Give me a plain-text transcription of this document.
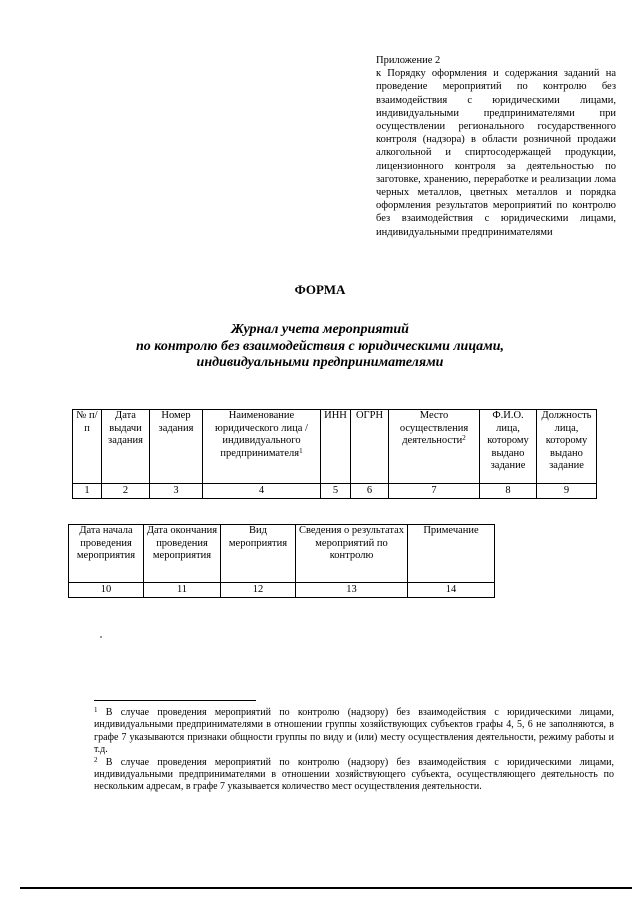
Приложение 2
к Порядку оформления и содержания заданий на проведение мероприятий по контролю без взаимодействия с юридическими лицами, индивидуальными предпринимателями при осуществлении регионального государственного контроля (надзора) в области розничной продажи алкогольной и спиртосодержащей продукции, лицензионного контроля за деятельностью по заготовке, хранению, переработке и реализации лома черных металлов, цветных металлов и порядка оформления результатов мероприятий по контролю без взаимодействия с юридическими лицами, индивидуальными предпринимателями
ФОРМА
Журнал учета мероприятий
по контролю без взаимодействия с юридическими лицами,
индивидуальными предпринимателями
№ п/п	Дата выдачи задания	Номер задания	Наименование юридического лица / индивидуального предпринимателя$^1$	ИНН	ОГРН	Место осуществления деятельности$^2$	Ф.И.О. лица, которому выдано задание	Должность лица, которому выдано задание
1	2	3	4	5	6	7	8	9
Дата начала проведения мероприятия	Дата окончания проведения мероприятия	Вид мероприятия	Сведения о результатах мероприятий по контролю	Примечание
10	11	12	13	14

$^1$ В случае проведения мероприятий по контролю (надзору) без взаимодействия с юридическими лицами, индивидуальными предпринимателями в отношении группы хозяйствующих субъектов графы 4, 5, 6 не заполняются, в графе 7 указываются признаки общности группы по виду и (или) месту осуществления деятельности, режиму работы и т.д.

$^2$ В случае проведения мероприятий по контролю (надзору) без взаимодействия с юридическими лицами, индивидуальными предпринимателями в отношении хозяйствующего субъекта, осуществляющего деятельность по нескольким адресам, в графе 7 указывается количество мест осуществления деятельности.
